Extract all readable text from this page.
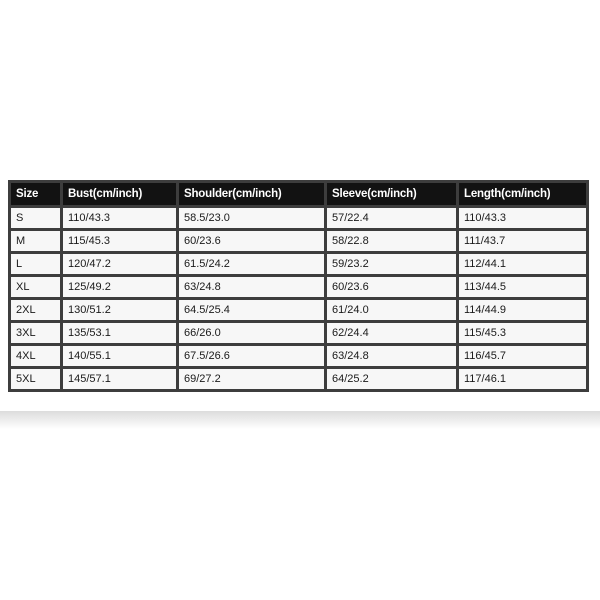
Size	Bust(cm/inch)	Shoulder(cm/inch)	Sleeve(cm/inch)	Length(cm/inch)
S	110/43.3	58.5/23.0	57/22.4	110/43.3
M	115/45.3	60/23.6	58/22.8	111/43.7
L	120/47.2	61.5/24.2	59/23.2	112/44.1
XL	125/49.2	63/24.8	60/23.6	113/44.5
2XL	130/51.2	64.5/25.4	61/24.0	114/44.9
3XL	135/53.1	66/26.0	62/24.4	115/45.3
4XL	140/55.1	67.5/26.6	63/24.8	116/45.7
5XL	145/57.1	69/27.2	64/25.2	117/46.1
